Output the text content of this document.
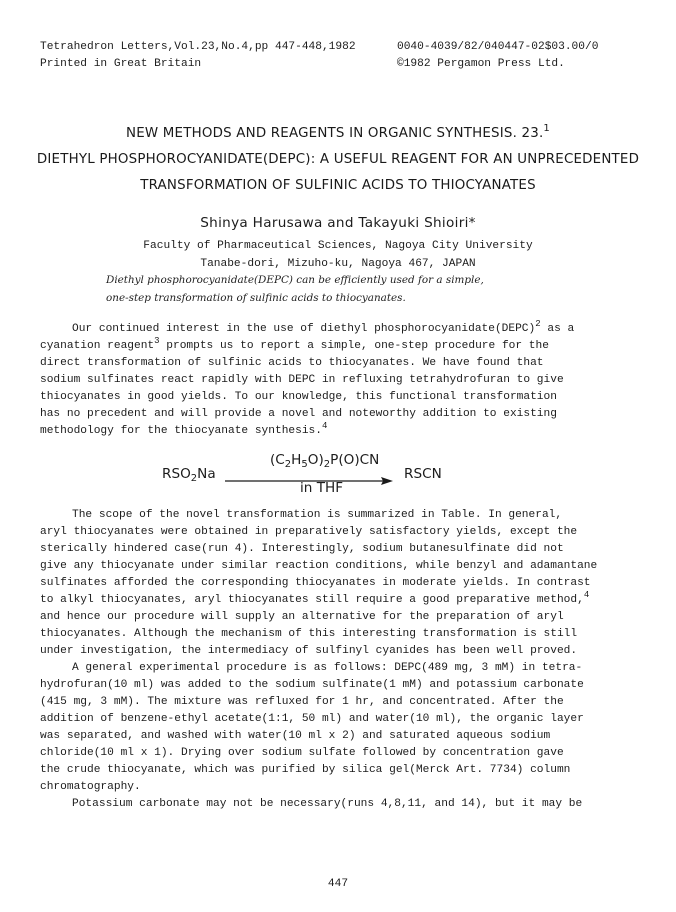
Tetrahedron Letters,Vol.23,No.4,pp 447-448,1982
Printed in Great Britain
0040-4039/82/040447-02$03.00/0
©1982 Pergamon Press Ltd.
NEW METHODS AND REAGENTS IN ORGANIC SYNTHESIS. 23.$^1$
DIETHYL PHOSPHOROCYANIDATE(DEPC): A USEFUL REAGENT FOR AN UNPRECEDENTED
TRANSFORMATION OF SULFINIC ACIDS TO THIOCYANATES
Shinya Harusawa and Takayuki Shioiri*
Faculty of Pharmaceutical Sciences, Nagoya City University
Tanabe-dori, Mizuho-ku, Nagoya 467, JAPAN
Diethyl phosphorocyanidate(DEPC) can be efficiently used for a simple,
one-step transformation of sulfinic acids to thiocyanates.
Our continued interest in the use of diethyl phosphorocyanidate(DEPC)$^2$ as a
cyanation reagent$^3$ prompts us to report a simple, one-step procedure for the
direct transformation of sulfinic acids to thiocyanates. We have found that
sodium sulfinates react rapidly with DEPC in refluxing tetrahydrofuran to give
thiocyanates in good yields. To our knowledge, this functional transformation
has no precedent and will provide a novel and noteworthy addition to existing
methodology for the thiocyanate synthesis.$^4$
$RSO_2Na$
$(C_2H_5O)_2P(O)CN$
in THF
RSCN
The scope of the novel transformation is summarized in Table. In general,
aryl thiocyanates were obtained in preparatively satisfactory yields, except the
sterically hindered case(run 4). Interestingly, sodium butanesulfinate did not
give any thiocyanate under similar reaction conditions, while benzyl and adamantane
sulfinates afforded the corresponding thiocyanates in moderate yields. In contrast
to alkyl thiocyanates, aryl thiocyanates still require a good preparative method,$^4$
and hence our procedure will supply an alternative for the preparation of aryl
thiocyanates. Although the mechanism of this interesting transformation is still
under investigation, the intermediacy of sulfinyl cyanides has been well proved.
A general experimental procedure is as follows: DEPC(489 mg, 3 mM) in tetra-
hydrofuran(10 ml) was added to the sodium sulfinate(1 mM) and potassium carbonate
(415 mg, 3 mM). The mixture was refluxed for 1 hr, and concentrated. After the
addition of benzene-ethyl acetate(1:1, 50 ml) and water(10 ml), the organic layer
was separated, and washed with water(10 ml x 2) and saturated aqueous sodium
chloride(10 ml x 1). Drying over sodium sulfate followed by concentration gave
the crude thiocyanate, which was purified by silica gel(Merck Art. 7734) column
chromatography.
Potassium carbonate may not be necessary(runs 4,8,11, and 14), but it may be
447
